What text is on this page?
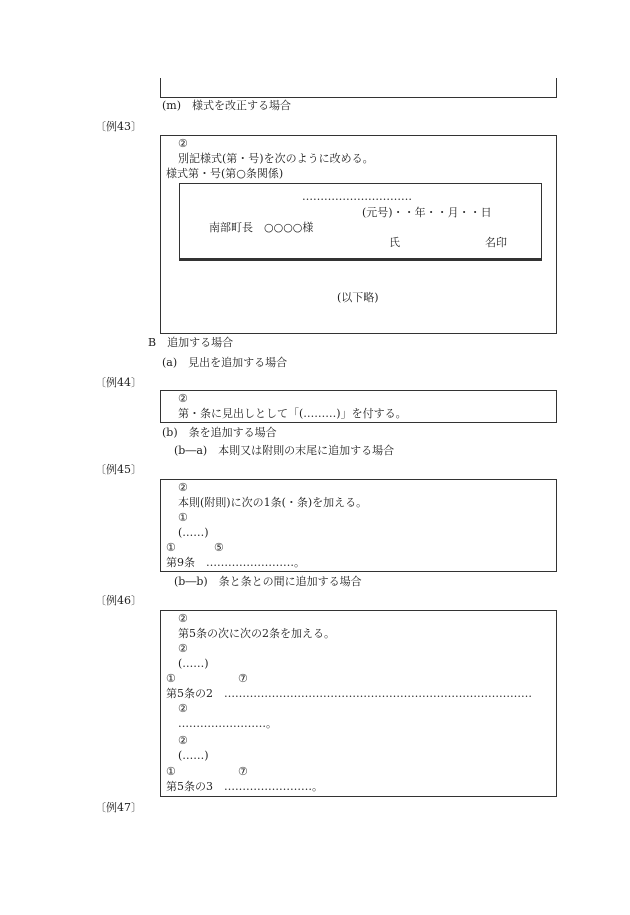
(m)　様式を改正する場合
〔例43〕
②
別記様式(第・号)を次のように改める。
様式第・号(第○条関係)
…………………………
(元号)・・年・・月・・日
南部町長　○○○○様
氏	名印
(以下略)
B　追加する場合
(a)　見出を追加する場合
〔例44〕
②
第・条に見出しとして「(………)」を付する。
(b)　条を追加する場合
(b―a)　本則又は附則の末尾に追加する場合
〔例45〕
②
本則(附則)に次の1条(・条)を加える。
①
(……)
①	⑤
第9条　……………………。
(b―b)　条と条との間に追加する場合
〔例46〕
②
第5条の次に次の2条を加える。
②
(……)
①	⑦
第5条の2　…………………………………………………………………………
②
……………………。
②
(……)
①	⑦
第5条の3　……………………。
〔例47〕
